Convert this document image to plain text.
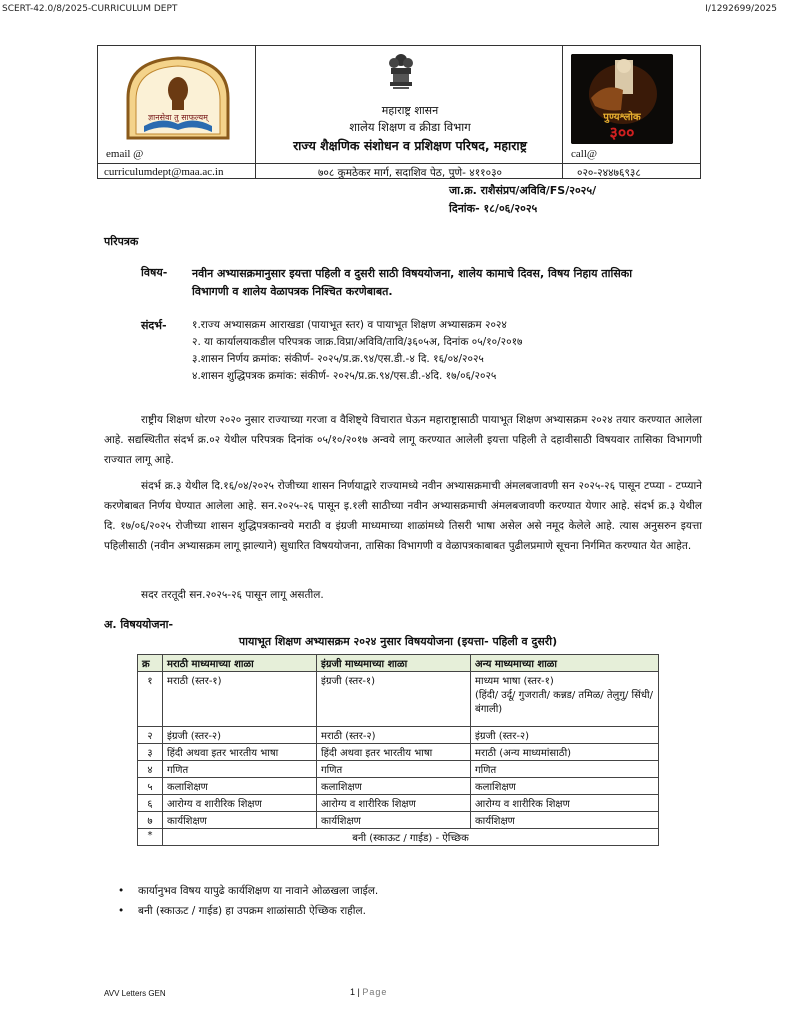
SCERT-42.0/8/2025-CURRICULUM DEPT	I/1292699/2025
ज्ञानसेवा तु साफल्यम्
email @
curriculumdept@maa.ac.in
महाराष्ट्र शासन
शालेय शिक्षण व क्रीडा विभाग
राज्य शैक्षणिक संशोधन व प्रशिक्षण परिषद, महाराष्ट्र
७०८ कुमठेकर मार्ग, सदाशिव पेठ, पुणे- ४११०३०
पुण्यश्लोक
३००
call@
०२०-२४४७६९३८
जा.क्र. राशैसंप्रप/अविवि/FS/२०२५/
दिनांक- १८/०६/२०२५
परिपत्रक
विषय- नवीन अभ्यासक्रमानुसार इयत्ता पहिली व दुसरी साठी विषययोजना, शालेय कामाचे दिवस, विषय निहाय तासिका विभागणी व शालेय वेळापत्रक निश्चित करणेबाबत.
संदर्भ- १.राज्य अभ्यासक्रम आराखडा (पायाभूत स्तर) व पायाभूत शिक्षण अभ्यासक्रम २०२४
२. या कार्यालयाकडील परिपत्रक जाक्र.विप्रा/अविवि/तावि/३६०५अ, दिनांक ०५/१०/२०१७
३.शासन निर्णय क्रमांक: संकीर्ण- २०२५/प्र.क्र.९४/एस.डी.-४ दि. १६/०४/२०२५
४.शासन शुद्धिपत्रक क्रमांक: संकीर्ण- २०२५/प्र.क्र.९४/एस.डी.-४दि. १७/०६/२०२५
राष्ट्रीय शिक्षण धोरण २०२० नुसार राज्याच्या गरजा व वैशिष्ट्ये विचारात घेऊन महाराष्ट्रासाठी पायाभूत शिक्षण अभ्यासक्रम २०२४ तयार करण्यात आलेला आहे. सद्यस्थितीत संदर्भ क्र.०२ येथील परिपत्रक दिनांक ०५/१०/२०१७ अन्वये लागू करण्यात आलेली इयत्ता पहिली ते दहावीसाठी विषयवार तासिका विभागणी राज्यात लागू आहे.
संदर्भ क्र.३ येथील दि.१६/०४/२०२५ रोजीच्या शासन निर्णयाद्वारे राज्यामध्ये नवीन अभ्यासक्रमाची अंमलबजावणी सन २०२५-२६ पासून टप्प्या - टप्प्याने करणेबाबत निर्णय घेण्यात आलेला आहे. सन.२०२५-२६ पासून इ.१ली साठीच्या नवीन अभ्यासक्रमाची अंमलबजावणी करण्यात येणार आहे. संदर्भ क्र.३ येथील दि. १७/०६/२०२५ रोजीच्या शासन शुद्धिपत्रकान्वये मराठी व इंग्रजी माध्यमाच्या शाळांमध्ये तिसरी भाषा असेल असे नमूद केलेले आहे. त्यास अनुसरुन इयत्ता पहिलीसाठी (नवीन अभ्यासक्रम लागू झाल्याने) सुधारित विषययोजना, तासिका विभागणी व वेळापत्रकाबाबत पुढीलप्रमाणे सूचना निर्गमित करण्यात येत आहेत.
सदर तरतूदी सन.२०२५-२६ पासून लागू असतील.
अ. विषययोजना-
पायाभूत शिक्षण अभ्यासक्रम २०२४ नुसार विषययोजना (इयत्ता- पहिली व दुसरी)
क्र	मराठी माध्यमाच्या शाळा	इंग्रजी माध्यमाच्या शाळा	अन्य माध्यमाच्या शाळा
१	मराठी (स्तर-१)	इंग्रजी (स्तर-१)	माध्यम भाषा (स्तर-१)
(हिंदी/ उर्दू/ गुजराती/ कन्नड/ तमिळ/ तेलुगु/ सिंधी/ बंगाली)

२	इंग्रजी (स्तर-२)	मराठी (स्तर-२)	इंग्रजी (स्तर-२)
३	हिंदी अथवा इतर भारतीय भाषा	हिंदी अथवा इतर भारतीय भाषा	मराठी (अन्य माध्यमांसाठी)
४	गणित	गणित	गणित
५	कलाशिक्षण	कलाशिक्षण	कलाशिक्षण
६	आरोग्य व शारीरिक शिक्षण	आरोग्य व शारीरिक शिक्षण	आरोग्य व शारीरिक शिक्षण
७	कार्यशिक्षण	कार्यशिक्षण	कार्यशिक्षण
*	बनी (स्काऊट / गाईड) - ऐच्छिक		
• कार्यानुभव विषय यापुढे कार्यशिक्षण या नावाने ओळखला जाईल.
• बनी (स्काऊट / गाईड) हा उपक्रम शाळांसाठी ऐच्छिक राहील.
AVV Letters GEN	1 | Page
